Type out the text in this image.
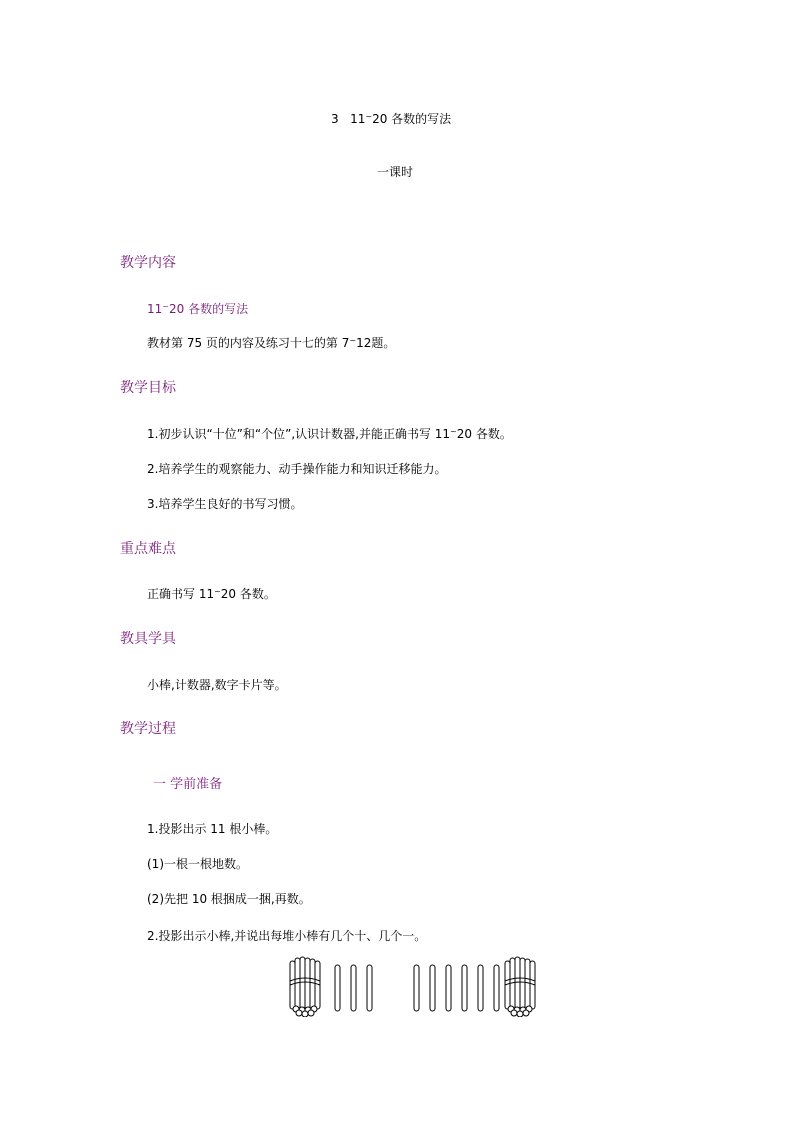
3 11~20 各数的写法
一课时
教学内容
11~20 各数的写法
教材第 75 页的内容及练习十七的第 7~12题。
教学目标
1.初步认识“十位”和“个位”,认识计数器,并能正确书写 11~20 各数。
2.培养学生的观察能力、动手操作能力和知识迁移能力。
3.培养学生良好的书写习惯。
重点难点
正确书写 11~20 各数。
教具学具
小棒,计数器,数字卡片等。
教学过程
一 学前准备
1.投影出示 11 根小棒。
(1)一根一根地数。
(2)先把 10 根捆成一捆,再数。
2.投影出示小棒,并说出每堆小棒有几个十、几个一。
